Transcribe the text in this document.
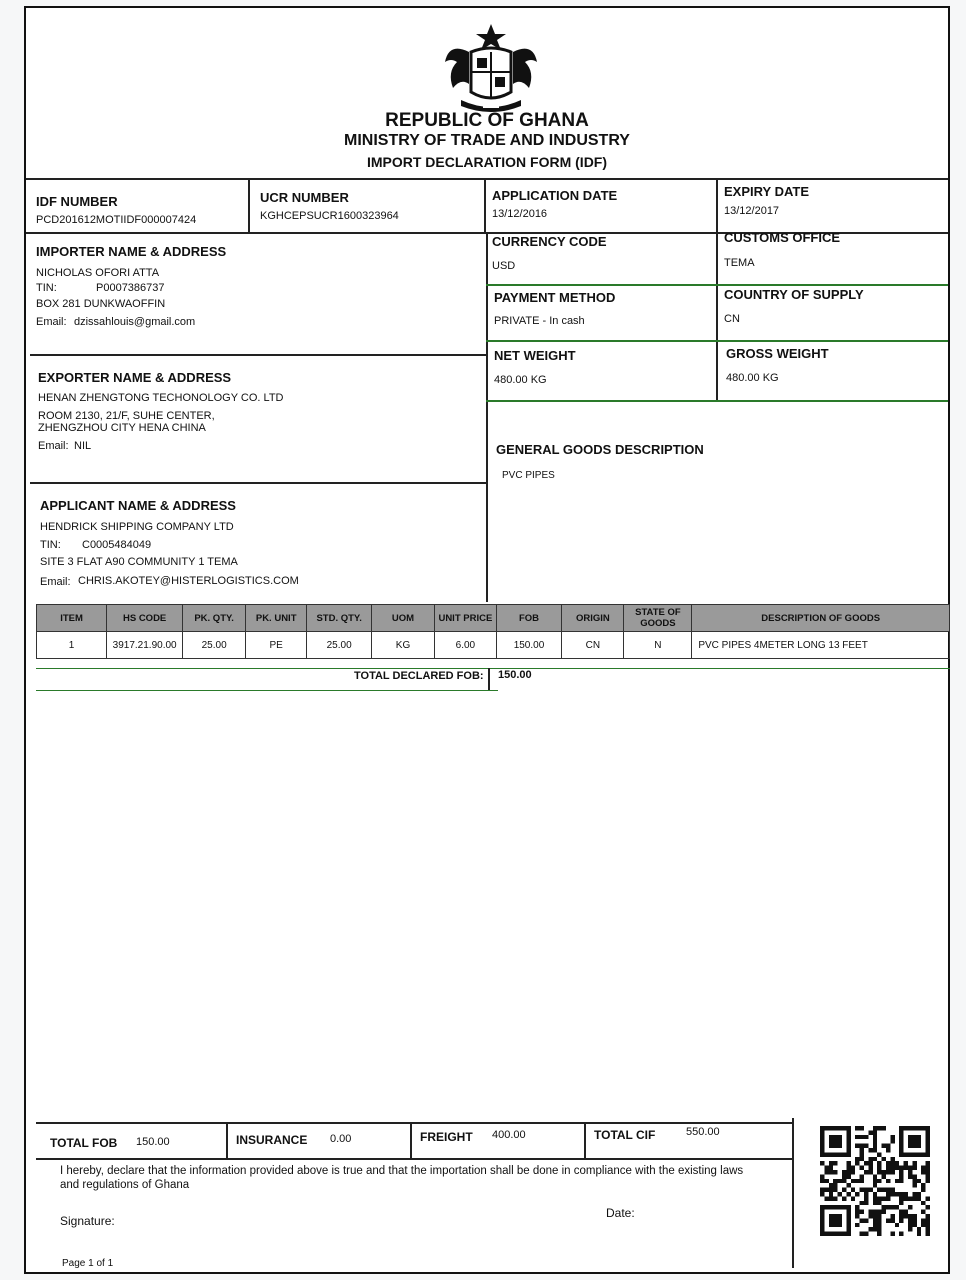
REPUBLIC OF GHANA
MINISTRY OF TRADE AND INDUSTRY
IMPORT DECLARATION FORM (IDF)
IDF NUMBER
PCD201612MOTIIDF000007424
UCR NUMBER
KGHCEPSUCR1600323964
APPLICATION DATE
13/12/2016
EXPIRY DATE
13/12/2017
IMPORTER NAME & ADDRESS
NICHOLAS OFORI ATTA
TIN:	P0007386737
BOX 281 DUNKWAOFFIN
Email: dzissahlouis@gmail.com
EXPORTER NAME & ADDRESS
HENAN ZHENGTONG TECHONOLOGY CO. LTD
ROOM 2130, 21/F, SUHE CENTER,
ZHENGZHOU CITY HENA CHINA
Email: NIL
APPLICANT NAME & ADDRESS
HENDRICK SHIPPING COMPANY LTD
TIN: C0005484049
SITE 3 FLAT A90 COMMUNITY 1 TEMA
Email: CHRIS.AKOTEY@HISTERLOGISTICS.COM
CURRENCY CODE
USD
CUSTOMS OFFICE
TEMA
PAYMENT METHOD
PRIVATE - In cash
COUNTRY OF SUPPLY
CN
NET WEIGHT
480.00 KG
GROSS WEIGHT
480.00 KG
GENERAL GOODS DESCRIPTION
PVC PIPES
ITEM	HS CODE	PK. QTY.	PK. UNIT	STD. QTY.	UOM	UNIT PRICE	FOB	ORIGIN	STATE OF GOODS	DESCRIPTION OF GOODS
1	3917.21.90.00	25.00	PE	25.00	KG	6.00	150.00	CN	N	PVC PIPES 4METER LONG 13 FEET
TOTAL DECLARED FOB: 150.00
TOTAL FOB 150.00	INSURANCE 0.00	FREIGHT 400.00	TOTAL CIF	550.00
I hereby, declare that the information provided above is true and that the importation shall be done in compliance with the existing laws and regulations of Ghana
Signature:
Date:
Page 1 of 1
